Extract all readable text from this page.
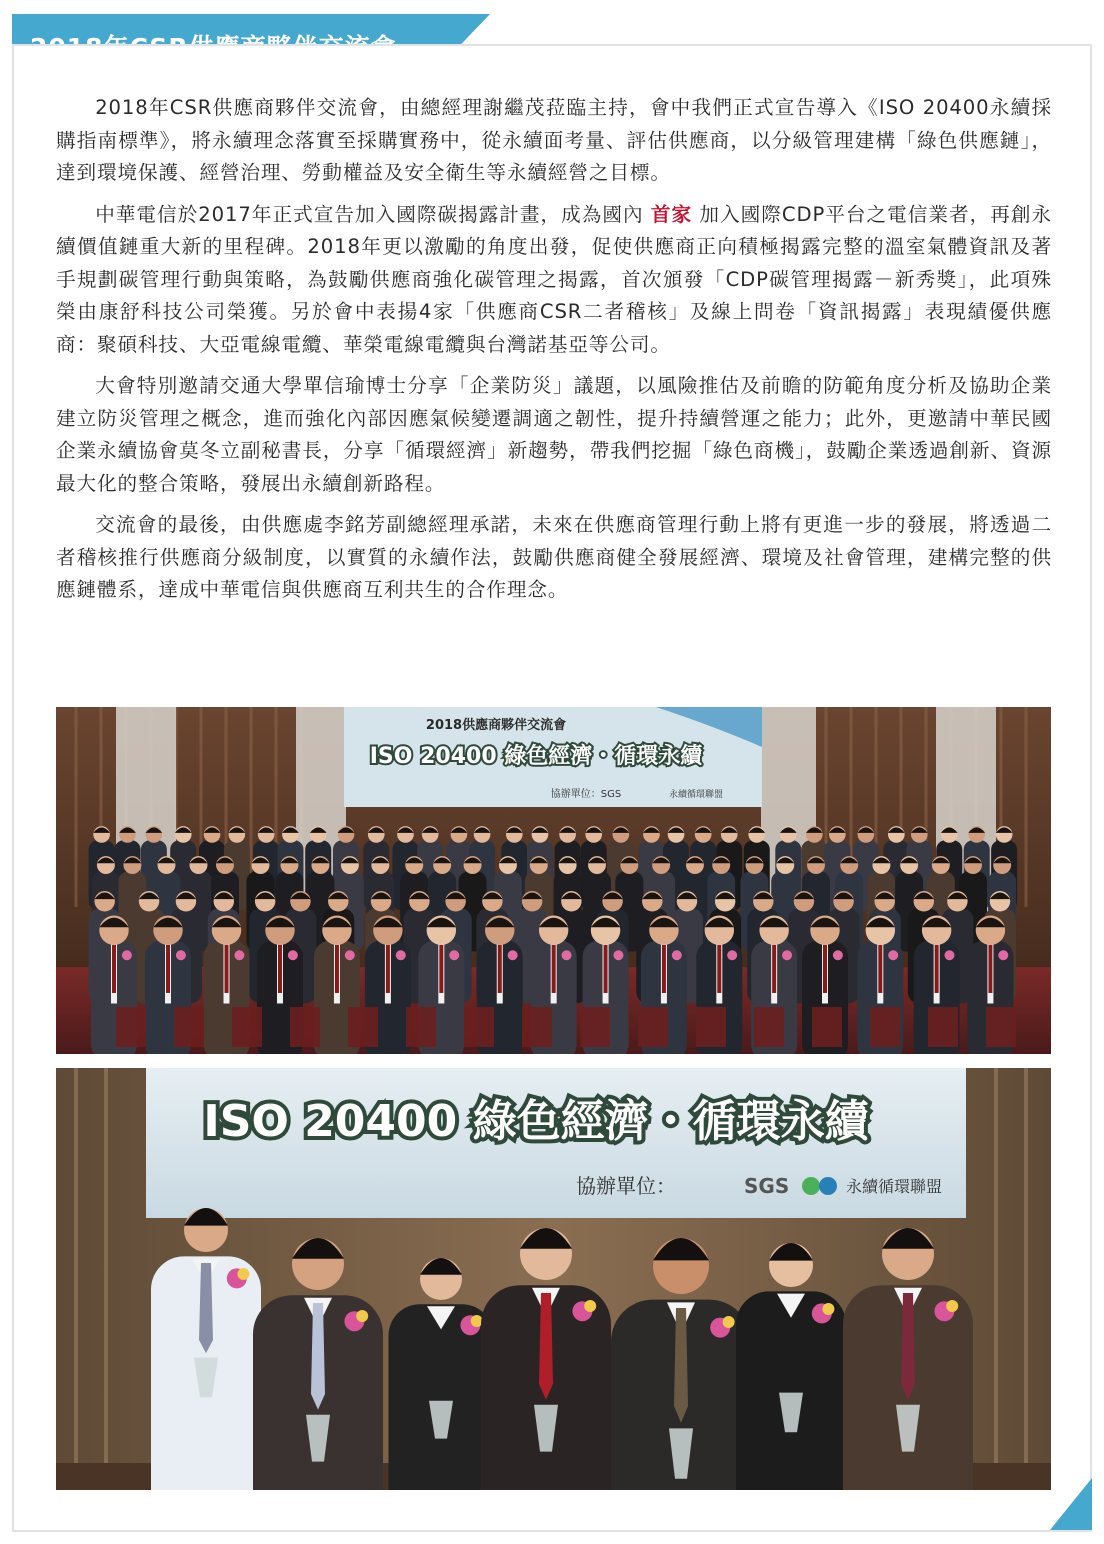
2018年CSR供應商夥伴交流會，由總經理謝繼茂菈臨主持，會中我們正式宣告導入《ISO 20400永續採購指南標準》，將永續理念落實至採購實務中，從永續面考量、評估供應商，以分級管理建構「綠色供應鏈」，達到環境保護、經營治理、勞動權益及安全衛生等永續經營之目標。

中華電信於2017年正式宣告加入國際碳揭露計畫，成為國內 首家 加入國際CDP平台之電信業者，再創永續價值鏈重大新的里程碑。2018年更以激勵的角度出發，促使供應商正向積極揭露完整的溫室氣體資訊及著手規劃碳管理行動與策略，為鼓勵供應商強化碳管理之揭露，首次頒發「CDP碳管理揭露－新秀獎」，此項殊榮由康舒科技公司榮獲。另於會中表揚4家「供應商CSR二者稽核」及線上問卷「資訊揭露」表現績優供應商：聚碩科技、大亞電線電纜、華榮電線電纜與台灣諾基亞等公司。

大會特別邀請交通大學單信瑜博士分享「企業防災」議題，以風險推估及前瞻的防範角度分析及協助企業建立防災管理之概念，進而強化內部因應氣候變遷調適之韌性，提升持續營運之能力；此外，更邀請中華民國企業永續協會莫冬立副秘書長，分享「循環經濟」新趨勢，帶我們挖掘「綠色商機」，鼓勵企業透過創新、資源最大化的整合策略，發展出永續創新路程。

交流會的最後，由供應處李銘芳副總經理承諾，未來在供應商管理行動上將有更進一步的發展，將透過二者稽核推行供應商分級制度，以實質的永續作法，鼓勵供應商健全發展經濟、環境及社會管理，建構完整的供應鏈體系，達成中華電信與供應商互利共生的合作理念。

2018供應商夥伴交流會
ISO 20400 綠色經濟・循環永續
協辦單位：SGS	永續循環聯盟
ISO 20400 綠色經濟・循環永續
協辦單位：	SGS	永續循環聯盟
